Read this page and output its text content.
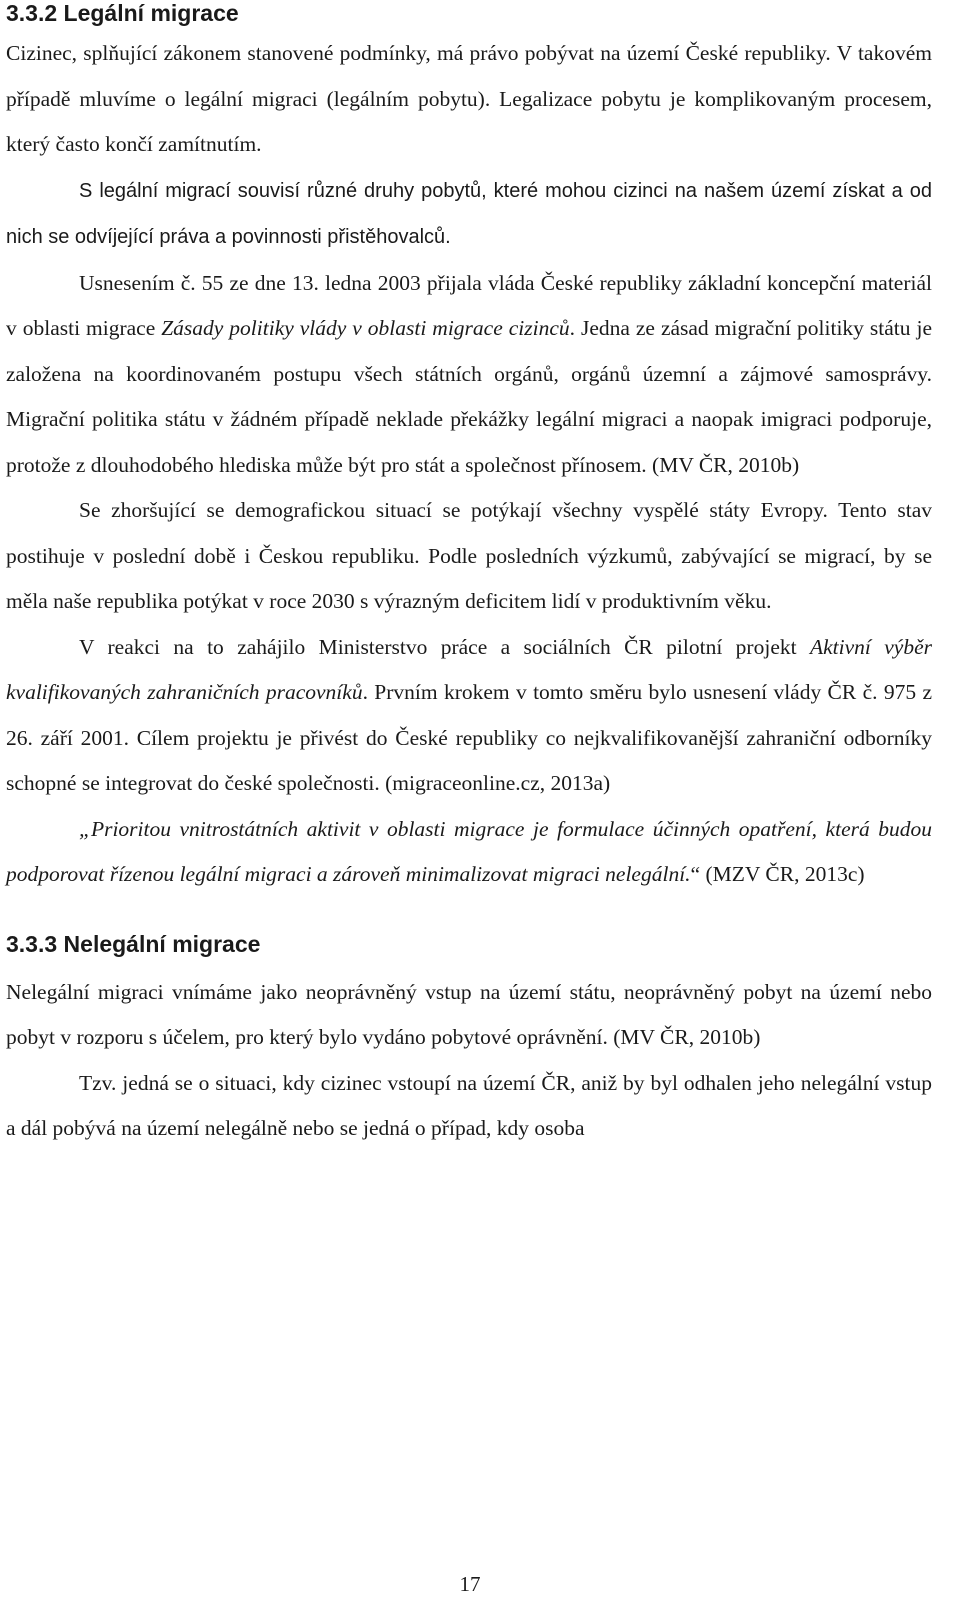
3.3.2 Legální migrace

Cizinec, splňující zákonem stanovené podmínky, má právo pobývat na území České republiky. V takovém případě mluvíme o legální migraci (legálním pobytu). Legalizace pobytu je komplikovaným procesem, který často končí zamítnutím.

S legální migrací souvisí různé druhy pobytů, které mohou cizinci na našem území získat a od nich se odvíjející práva a povinnosti přistěhovalců.

Usnesením č. 55 ze dne 13. ledna 2003 přijala vláda České republiky základní koncepční materiál v oblasti migrace Zásady politiky vlády v oblasti migrace cizinců. Jedna ze zásad migrační politiky státu je založena na koordinovaném postupu všech státních orgánů, orgánů územní a zájmové samosprávy. Migrační politika státu v žádném případě neklade překážky legální migraci a naopak imigraci podporuje, protože z dlouhodobého hlediska může být pro stát a společnost přínosem. (MV ČR, 2010b)

Se zhoršující se demografickou situací se potýkají všechny vyspělé státy Evropy. Tento stav postihuje v poslední době i Českou republiku. Podle posledních výzkumů, zabývající se migrací, by se měla naše republika potýkat v roce 2030 s výrazným deficitem lidí v produktivním věku.

V reakci na to zahájilo Ministerstvo práce a sociálních ČR pilotní projekt Aktivní výběr kvalifikovaných zahraničních pracovníků. Prvním krokem v tomto směru bylo usnesení vlády ČR č. 975 z 26. září 2001. Cílem projektu je přivést do České republiky co nejkvalifikovanější zahraniční odborníky schopné se integrovat do české společnosti. (migraceonline.cz, 2013a)

„Prioritou vnitrostátních aktivit v oblasti migrace je formulace účinných opatření, která budou podporovat řízenou legální migraci a zároveň minimalizovat migraci nelegální.“ (MZV ČR, 2013c)

3.3.3 Nelegální migrace

Nelegální migraci vnímáme jako neoprávněný vstup na území státu, neoprávněný pobyt na území nebo pobyt v rozporu s účelem, pro který bylo vydáno pobytové oprávnění. (MV ČR, 2010b)

Tzv. jedná se o situaci, kdy cizinec vstoupí na území ČR, aniž by byl odhalen jeho nelegální vstup a dál pobývá na území nelegálně nebo se jedná o případ, kdy osoba

17
